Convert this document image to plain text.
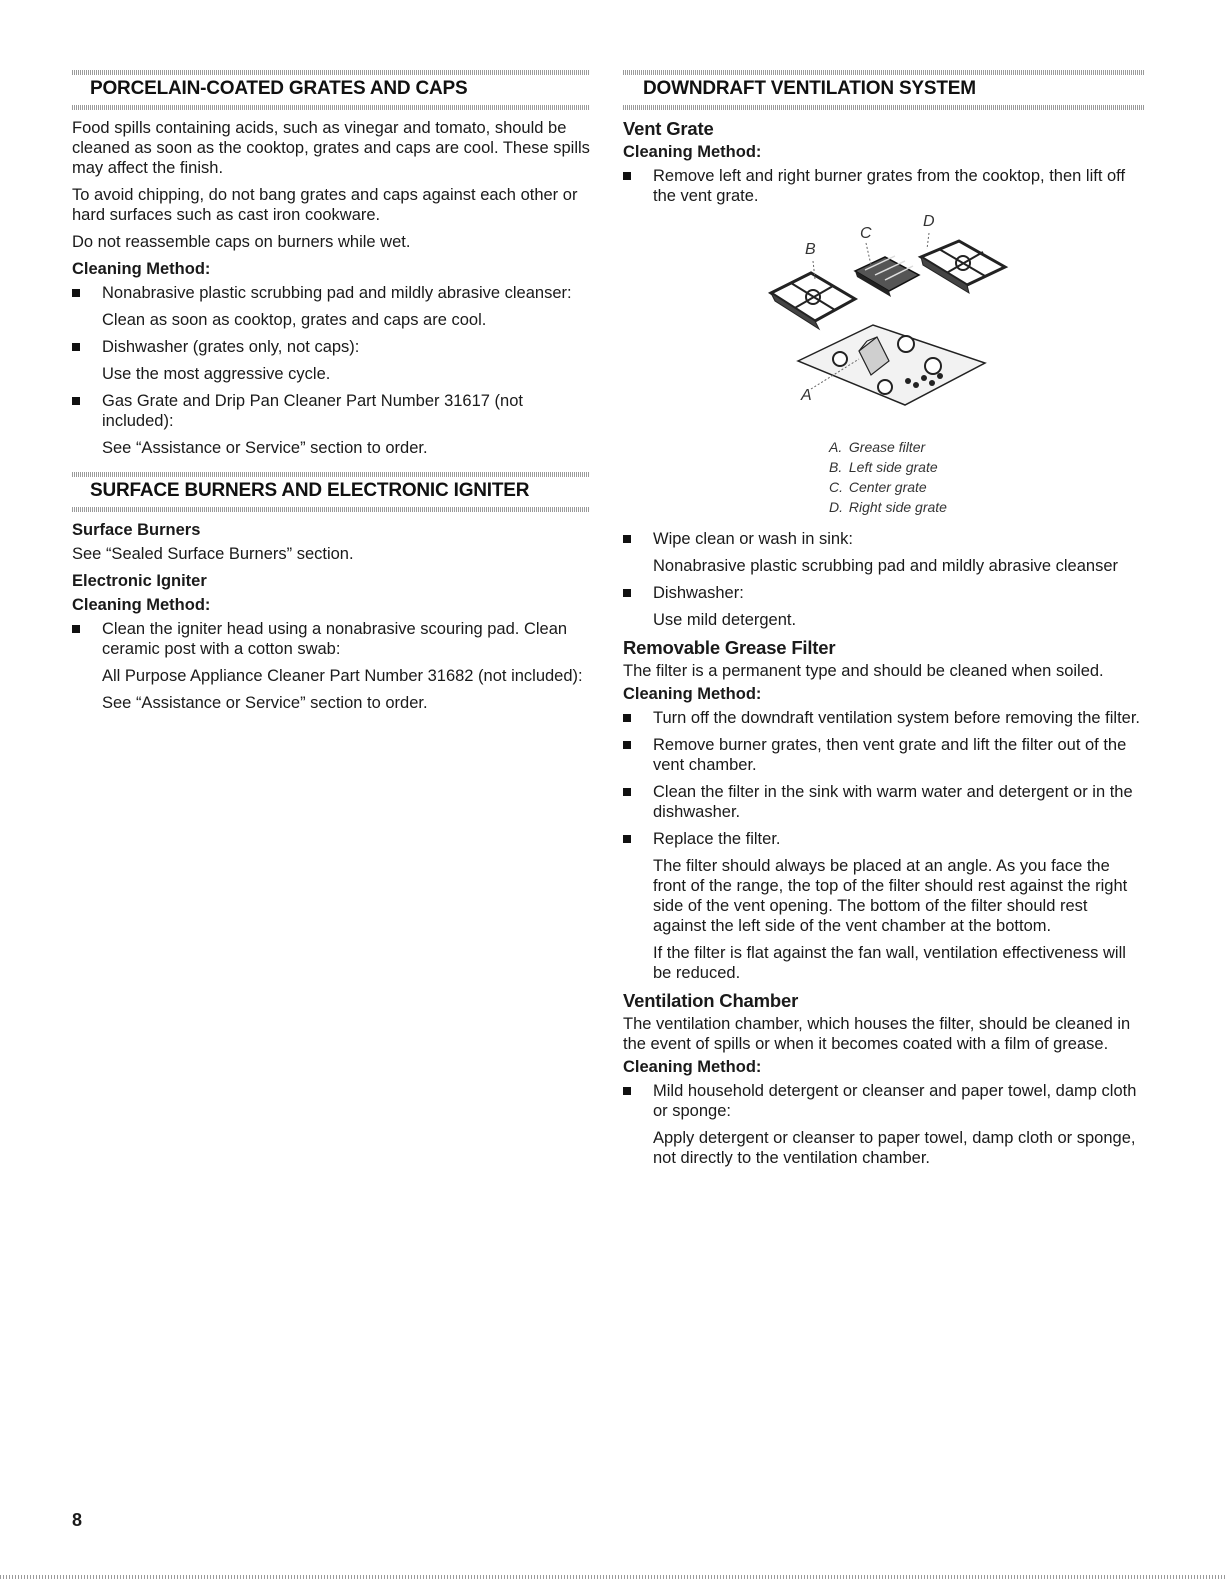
PORCELAIN-COATED GRATES AND CAPS

Food spills containing acids, such as vinegar and tomato, should be cleaned as soon as the cooktop, grates and caps are cool. These spills may affect the finish.

To avoid chipping, do not bang grates and caps against each other or hard surfaces such as cast iron cookware.

Do not reassemble caps on burners while wet.

Cleaning Method:
Nonabrasive plastic scrubbing pad and mildly abrasive cleanser:

Clean as soon as cooktop, grates and caps are cool.

Dishwasher (grates only, not caps):

Use the most aggressive cycle.

Gas Grate and Drip Pan Cleaner Part Number 31617 (not included):

See “Assistance or Service” section to order.

SURFACE BURNERS AND ELECTRONIC IGNITER
Surface Burners

See “Sealed Surface Burners” section.

Electronic Igniter
Cleaning Method:
Clean the igniter head using a nonabrasive scouring pad. Clean ceramic post with a cotton swab:

All Purpose Appliance Cleaner Part Number 31682 (not included):

See “Assistance or Service” section to order.

DOWNDRAFT VENTILATION SYSTEM
Vent Grate
Cleaning Method:
Remove left and right burner grates from the cooktop, then lift off the vent grate.
A
B
C
D
A. Grease filter
B. Left side grate
C. Center grate
D. Right side grate
Wipe clean or wash in sink:

Nonabrasive plastic scrubbing pad and mildly abrasive cleanser

Dishwasher:

Use mild detergent.

Removable Grease Filter

The filter is a permanent type and should be cleaned when soiled.

Cleaning Method:
Turn off the downdraft ventilation system before removing the filter.
Remove burner grates, then vent grate and lift the filter out of the vent chamber.
Clean the filter in the sink with warm water and detergent or in the dishwasher.
Replace the filter.

The filter should always be placed at an angle. As you face the front of the range, the top of the filter should rest against the right side of the vent opening. The bottom of the filter should rest against the left side of the vent chamber at the bottom.

If the filter is flat against the fan wall, ventilation effectiveness will be reduced.

Ventilation Chamber

The ventilation chamber, which houses the filter, should be cleaned in the event of spills or when it becomes coated with a film of grease.

Cleaning Method:
Mild household detergent or cleanser and paper towel, damp cloth or sponge:

Apply detergent or cleanser to paper towel, damp cloth or sponge, not directly to the ventilation chamber.

8
